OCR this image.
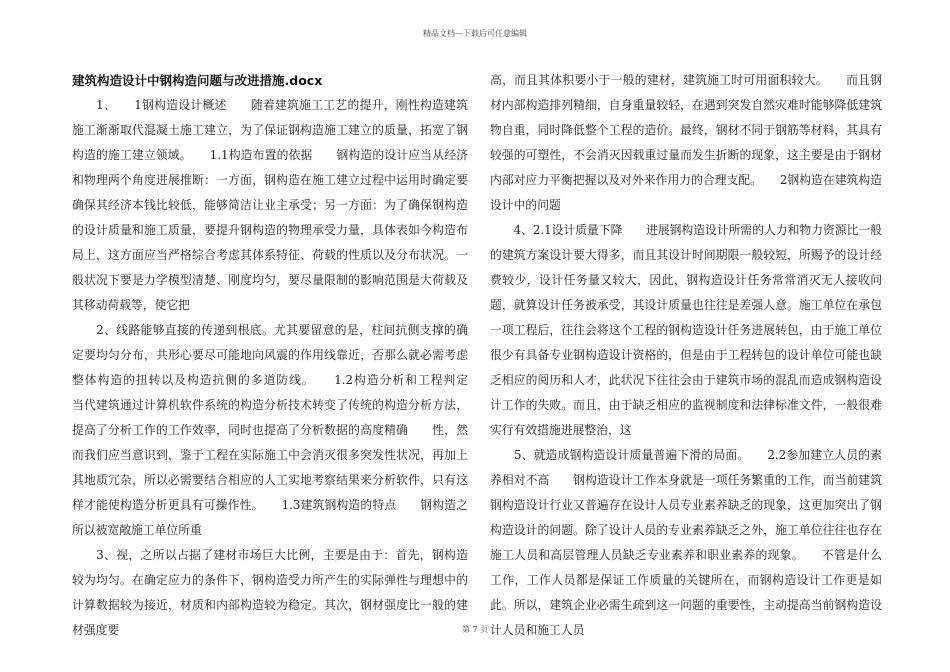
精品文档—下载后可任意编辑
建筑构造设计中钢构造问题与改进措施.docx

　　1、　　1钢构造设计概述　　随着建筑施工工艺的提升，刚性构造建筑施工渐渐取代混凝土施工建立，为了保证钢构造施工建立的质量，拓宽了钢构造的施工建立领域。　　1.1构造布置的依据　　钢构造的设计应当从经济和物理两个角度进展推断：一方面，钢构造在施工建立过程中运用时确定要确保其经济本钱比较低，能够简洁让业主承受；另一方面：为了确保钢构造的设计质量和施工质量，要提升钢构造的物理承受力量，具体表如今构造布局上，这方面应当严格综合考虑其体系特征、荷载的性质以及分布状况。一般状况下要是力学模型清楚、刚度均匀，要尽量限制的影响范围是大荷载及其移动荷载等，使它把

　　2、线路能够直接的传递到根底。尤其要留意的是，柱间抗侧支撑的确定要均匀分布，共形心要尽可能地向风震的作用线靠近，否那么就必需考虑整体构造的扭转以及构造抗侧的多道防线。　　1.2构造分析和工程判定　　当代建筑通过计算机软件系统的构造分析技术转变了传统的构造分析方法，提高了分析工作的工作效率，同时也提高了分析数据的高度精确　　性，然而我们应当意识到，鉴于工程在实际施工中会消灭很多突发性状况，再加上其地质冗杂，所以必需要结合相应的人工实地考察结果来分析软件，只有这样才能使构造分析更具有可操作性。　　1.3建筑钢构造的特点　　钢构造之所以被宽敞施工单位所重

　　3、视，之所以占据了建材市场巨大比例，主要是由于：首先，钢构造较为均匀。在确定应力的条件下，钢构造受力所产生的实际弹性与理想中的计算数据较为接近，材质和内部构造较为稳定。其次，钢材强度比一般的建材强度要

高，而且其体积要小于一般的建材，建筑施工时可用面积较大。　　而且钢材内部构造排列精细，自身重量较轻，在遇到突发自然灾难时能够降低建筑物自重，同时降低整个工程的造价。最终，钢材不同于钢筋等材料，其具有较强的可塑性，不会消灭因载重过量而发生折断的现象，这主要是由于钢材内部对应力平衡把握以及对外来作用力的合理支配。　　2钢构造在建筑构造设计中的问题

　　4、2.1设计质量下降　　进展钢构造设计所需的人力和物力资源比一般的建筑方案设计要大得多，而且其设计时间期限一般较短，所赐予的设计经费较少，设计任务量又较大，因此，钢构造设计任务常常消灭无人接收问题，就算设计任务被承受，其设计质量也往往是差强人意。施工单位在承包一项工程后，往往会将这个工程的钢构造设计任务进展转包，由于施工单位很少有具备专业钢构造设计资格的，但是由于工程转包的设计单位可能也缺乏相应的阅历和人才，此状况下往往会由于建筑市场的混乱而造成钢构造设计工作的失败。而且，由于缺乏相应的监视制度和法律标准文件，一般很难实行有效措施进展整治，这

　　5、就造成钢构造设计质量普遍下滑的局面。　　2.2参加建立人员的素养相对不高　　钢构造设计工作本身就是一项任务繁重的工作，而当前建筑钢构造设计行业又普遍存在设计人员专业素养缺乏的现象，这更加突出了钢构造设计的问题。除了设计人员的专业素养缺乏之外，施工单位往往也存在施工人员和高层管理人员缺乏专业素养和职业素养的现象。　　不管是什么工作，工作人员都是保证工作质量的关键所在，而钢构造设计工作更是如此。所以，建筑企业必需生疏到这一问题的重要性，主动提高当前钢构造设计人员和施工人员

第 7 页
